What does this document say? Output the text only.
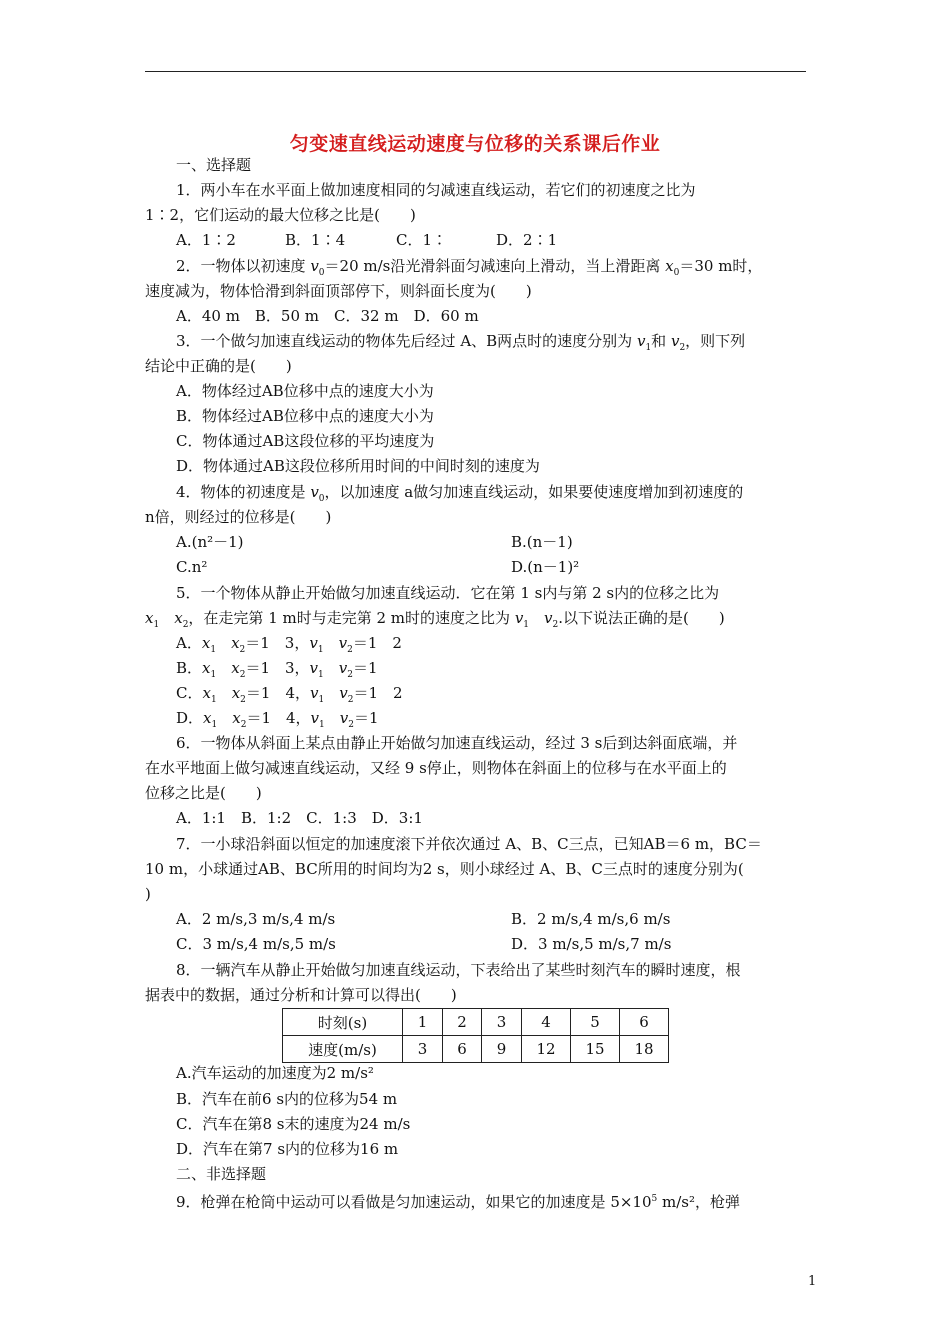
匀变速直线运动速度与位移的关系课后作业
一、选择题
1．两小车在水平面上做加速度相同的匀减速直线运动，若它们的初速度之比为
1∶2，它们运动的最大位移之比是(　　)
A．1∶2	B．1∶4	C．1∶	D．2∶1
2．一物体以初速度 $v_0=20$ m/s沿光滑斜面匀减速向上滑动，当上滑距离 $x_0=30$ m时，
速度减为，物体恰滑到斜面顶部停下，则斜面长度为(　　)
A．40 m　B．50 m　C．32 m　D．60 m
3．一个做匀加速直线运动的物体先后经过 A、B两点时的速度分别为 $v_1$和 $v_2$，则下列
结论中正确的是(　　)
A．物体经过AB位移中点的速度大小为
B．物体经过AB位移中点的速度大小为
C．物体通过AB这段位移的平均速度为
D．物体通过AB这段位移所用时间的中间时刻的速度为
4．物体的初速度是 $v_0$，以加速度 a做匀加速直线运动，如果要使速度增加到初速度的
n倍，则经过的位移是(　　)
A.(n²－1)	B.(n－1)
C.n²	D.(n－1)²
5．一个物体从静止开始做匀加速直线运动．它在第 1 s内与第 2 s内的位移之比为
$x_1$　 $x_2$，在走完第 1 m时与走完第 2 m时的速度之比为 $v_1$　 $v_2$.以下说法正确的是(　　)
A．$x_1$　 $x_2=1$　3，$v_1$　 $v_2=1$　2
B．$x_1$　 $x_2=1$　3，$v_1$　 $v_2=1$
C．$x_1$　 $x_2=1$　4，$v_1$　 $v_2=1$　2
D．$x_1$　 $x_2=1$　4，$v_1$　 $v_2=1$
6．一物体从斜面上某点由静止开始做匀加速直线运动，经过 3 s后到达斜面底端，并
在水平地面上做匀减速直线运动，又经 9 s停止，则物体在斜面上的位移与在水平面上的
位移之比是(　　)
A．1:1　B．1:2　C．1:3　D．3:1
7．一小球沿斜面以恒定的加速度滚下并依次通过 A、B、C三点，已知AB＝6 m，BC＝
10 m，小球通过AB、BC所用的时间均为2 s，则小球经过 A、B、C三点时的速度分别为(
)
A．2 m/s,3 m/s,4 m/s	B．2 m/s,4 m/s,6 m/s
C．3 m/s,4 m/s,5 m/s	D．3 m/s,5 m/s,7 m/s
8．一辆汽车从静止开始做匀加速直线运动，下表给出了某些时刻汽车的瞬时速度，根
据表中的数据，通过分析和计算可以得出(　　)
时刻(s)	1	2	3	4	5	6
速度(m/s)	3	6	9	12	15	18
A.汽车运动的加速度为2 m/s²
B．汽车在前6 s内的位移为54 m
C．汽车在第8 s末的速度为24 m/s
D．汽车在第7 s内的位移为16 m
二、非选择题
9．枪弹在枪筒中运动可以看做是匀加速运动，如果它的加速度是 $5\times 10^5$ m/s²，枪弹
1
